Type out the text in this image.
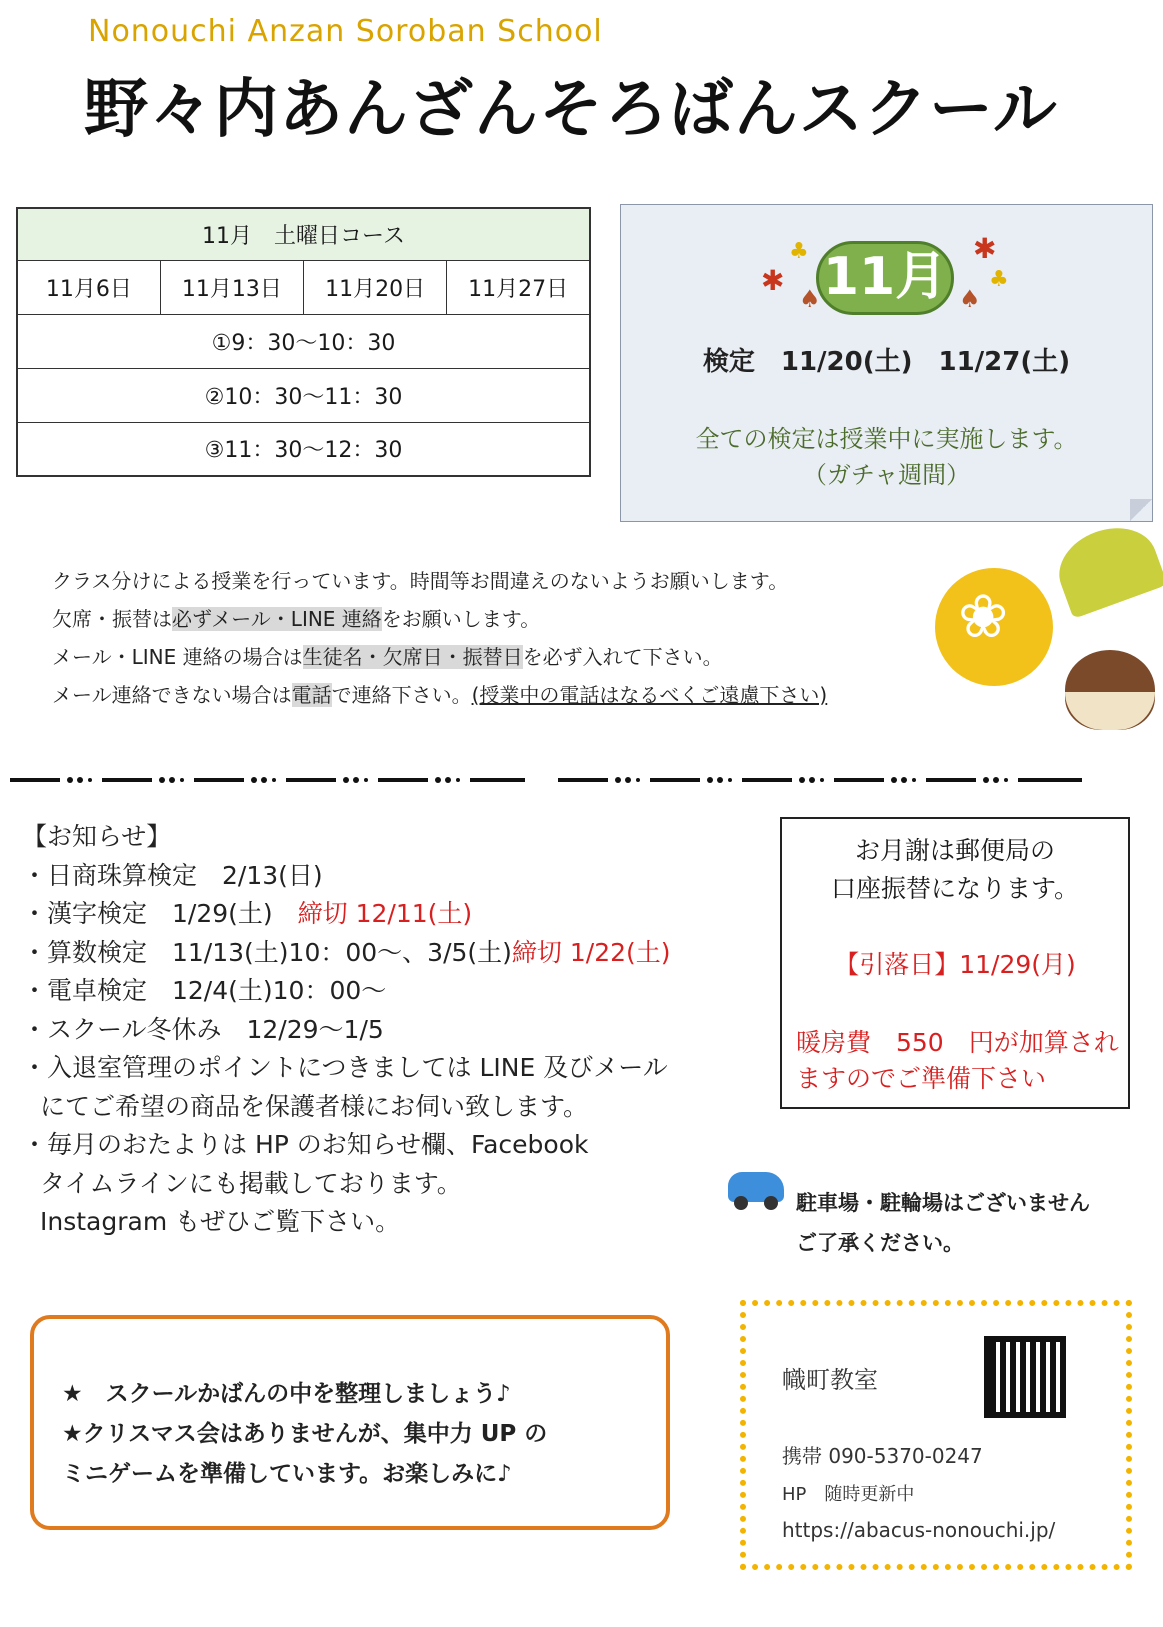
Nonouchi Anzan Soroban School
野々内あんざんそろばんスクール
11月　土曜日コース
11月6日	11月13日	11月20日	11月27日
①9：30～10：30
②10：30～11：30
③11：30～12：30
✱
♣	✱
♣
♠	♠
11月
検定　11/20(土)　11/27(土)
全ての検定は授業中に実施します。
（ガチャ週間）
クラス分けによる授業を行っています。時間等お間違えのないようお願いします。
欠席・振替は必ずメール・LINE 連絡をお願いします。
メール・LINE 連絡の場合は生徒名・欠席日・振替日を必ず入れて下さい。
メール連絡できない場合は電話で連絡下さい。(授業中の電話はなるべくご遠慮下さい)
❀
【お知らせ】
・日商珠算検定　2/13(日)
・漢字検定　1/29(土)　締切 12/11(土)
・算数検定　11/13(土)10：00～、3/5(土)締切 1/22(土)
・電卓検定　12/4(土)10：00～
・スクール冬休み　12/29～1/5
・入退室管理のポイントにつきましては LINE 及びメール
にてご希望の商品を保護者様にお伺い致します。
・毎月のおたよりは HP のお知らせ欄、Facebook
タイムラインにも掲載しております。
Instagram もぜひご覧下さい。

お月謝は郵便局の

口座振替になります。

【引落日】11/29(月)

暖房費　550　円が加算され

ますのでご準備下さい

駐車場・駐輪場はございません
ご了承ください。
★　スクールかばんの中を整理しましょう♪
★クリスマス会はありませんが、集中力 UP の
ミニゲームを準備しています。お楽しみに♪
幟町教室
携帯 090-5370-0247
HP　随時更新中
https://abacus-nonouchi.jp/
